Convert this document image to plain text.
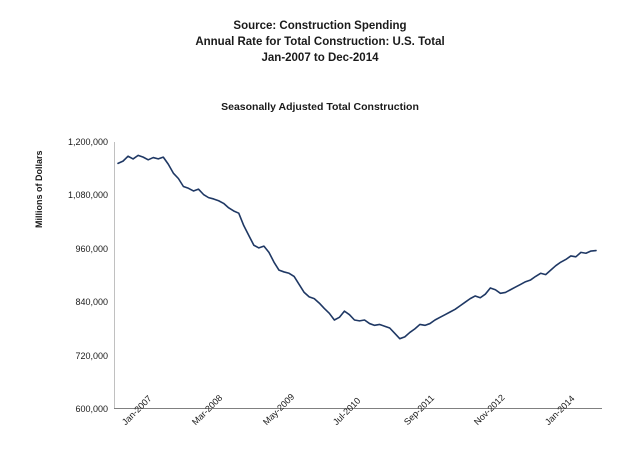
Source: Construction Spending
Annual Rate for Total Construction: U.S. Total
Jan-2007 to Dec-2014
Seasonally Adjusted Total Construction
Millions of Dollars
1,200,000
1,080,000
960,000
840,000
720,000
600,000 Jan-2007	Mar-2008	May-2009	Jul-2010	Sep-2011	Nov-2012	Jan-2014
